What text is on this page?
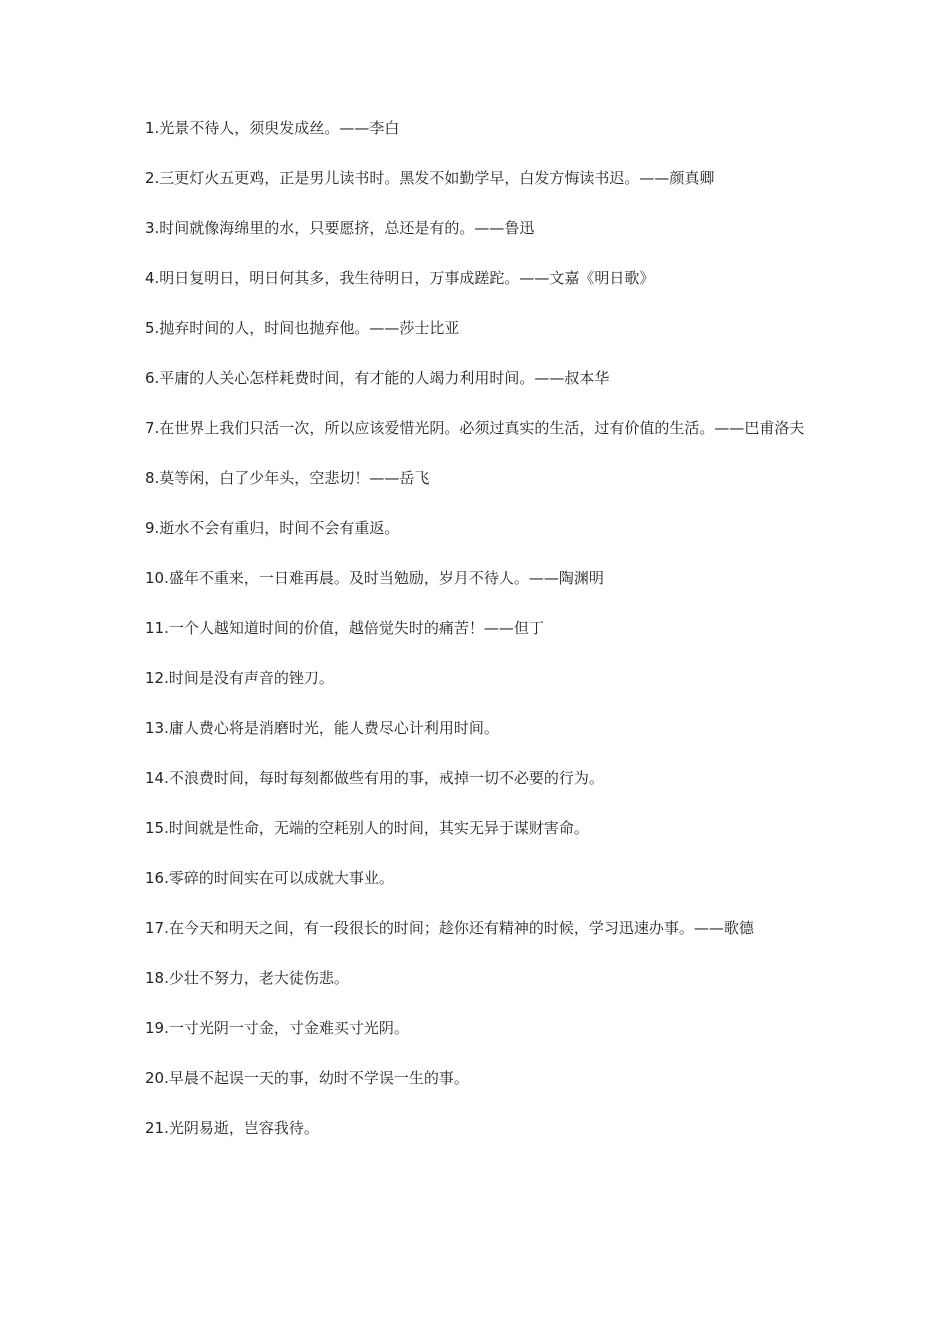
1.光景不待人，须臾发成丝。——李白
2.三更灯火五更鸡，正是男儿读书时。黑发不如勤学早，白发方悔读书迟。——颜真卿
3.时间就像海绵里的水，只要愿挤，总还是有的。——鲁迅
4.明日复明日，明日何其多，我生待明日，万事成蹉跎。——文嘉《明日歌》
5.抛弃时间的人，时间也抛弃他。——莎士比亚
6.平庸的人关心怎样耗费时间，有才能的人竭力利用时间。——叔本华
7.在世界上我们只活一次，所以应该爱惜光阴。必须过真实的生活，过有价值的生活。——巴甫洛夫
8.莫等闲，白了少年头，空悲切！——岳飞
9.逝水不会有重归，时间不会有重返。
10.盛年不重来，一日难再晨。及时当勉励，岁月不待人。——陶渊明
11.一个人越知道时间的价值，越倍觉失时的痛苦！——但丁
12.时间是没有声音的锉刀。
13.庸人费心将是消磨时光，能人费尽心计利用时间。
14.不浪费时间，每时每刻都做些有用的事，戒掉一切不必要的行为。
15.时间就是性命，无端的空耗别人的时间，其实无异于谋财害命。
16.零碎的时间实在可以成就大事业。
17.在今天和明天之间，有一段很长的时间；趁你还有精神的时候，学习迅速办事。——歌德
18.少壮不努力，老大徒伤悲。
19.一寸光阴一寸金，寸金难买寸光阴。
20.早晨不起误一天的事，幼时不学误一生的事。
21.光阴易逝，岂容我待。
